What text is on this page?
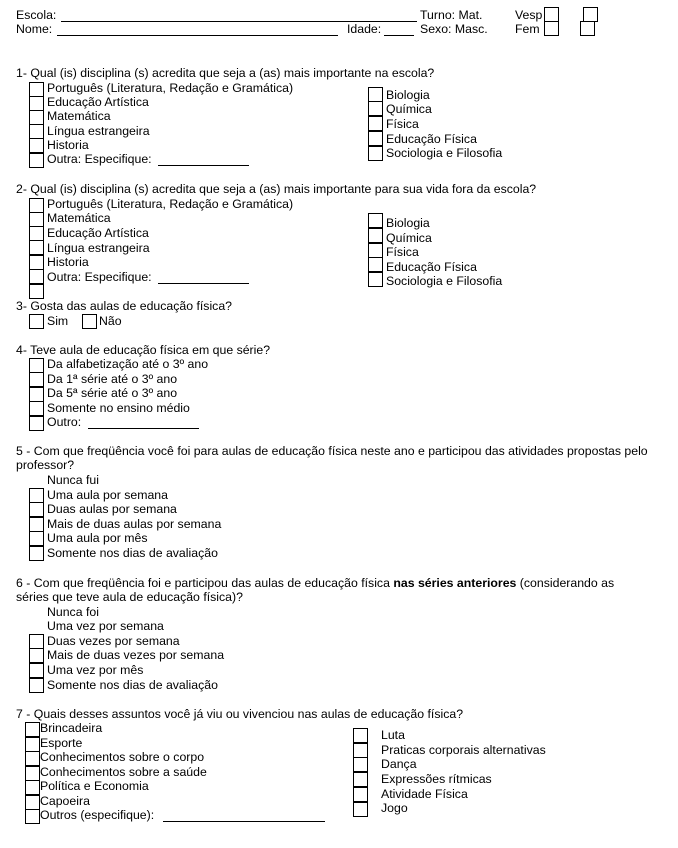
Escola:	Turno: Mat.	Vesp
Nome:	Idade:	Sexo: Masc. Fem
1- Qual (is) disciplina (s) acredita que seja a (as) mais importante na escola?
Português (Literatura, Redação e Gramática)
Educação Artística
Matemática
Língua estrangeira
Historia
Outra: Especifique:
Biologia
Química
Física
Educação Física
Sociologia e Filosofia
2- Qual (is) disciplina (s) acredita que seja a (as) mais importante para sua vida fora da escola?
Português (Literatura, Redação e Gramática)
Matemática
Educação Artística
Língua estrangeira
Historia
Outra: Especifique:
Biologia
Química
Física
Educação Física
Sociologia e Filosofia
3- Gosta das aulas de educação física?
Sim	Não
4- Teve aula de educação física em que série?
Da alfabetização até o 3º ano
Da 1ª série até o 3º ano
Da 5ª série até o 3º ano
Somente no ensino médio
Outro:
5 - Com que freqüência você foi para aulas de educação física neste ano e participou das atividades propostas pelo
professor?
Nunca fui
Uma aula por semana
Duas aulas por semana
Mais de duas aulas por semana
Uma aula por mês
Somente nos dias de avaliação
6 - Com que freqüência foi e participou das aulas de educação física nas séries anteriores (considerando as
séries que teve aula de educação física)?
Nunca foi
Uma vez por semana
Duas vezes por semana
Mais de duas vezes por semana
Uma vez por mês
Somente nos dias de avaliação
7 - Quais desses assuntos você já viu ou vivenciou nas aulas de educação física?
Brincadeira
Esporte
Conhecimentos sobre o corpo
Conhecimentos sobre a saúde
Política e Economia
Capoeira
Outros (especifique):
Luta
Praticas corporais alternativas
Dança
Expressões rítmicas
Atividade Física
Jogo
